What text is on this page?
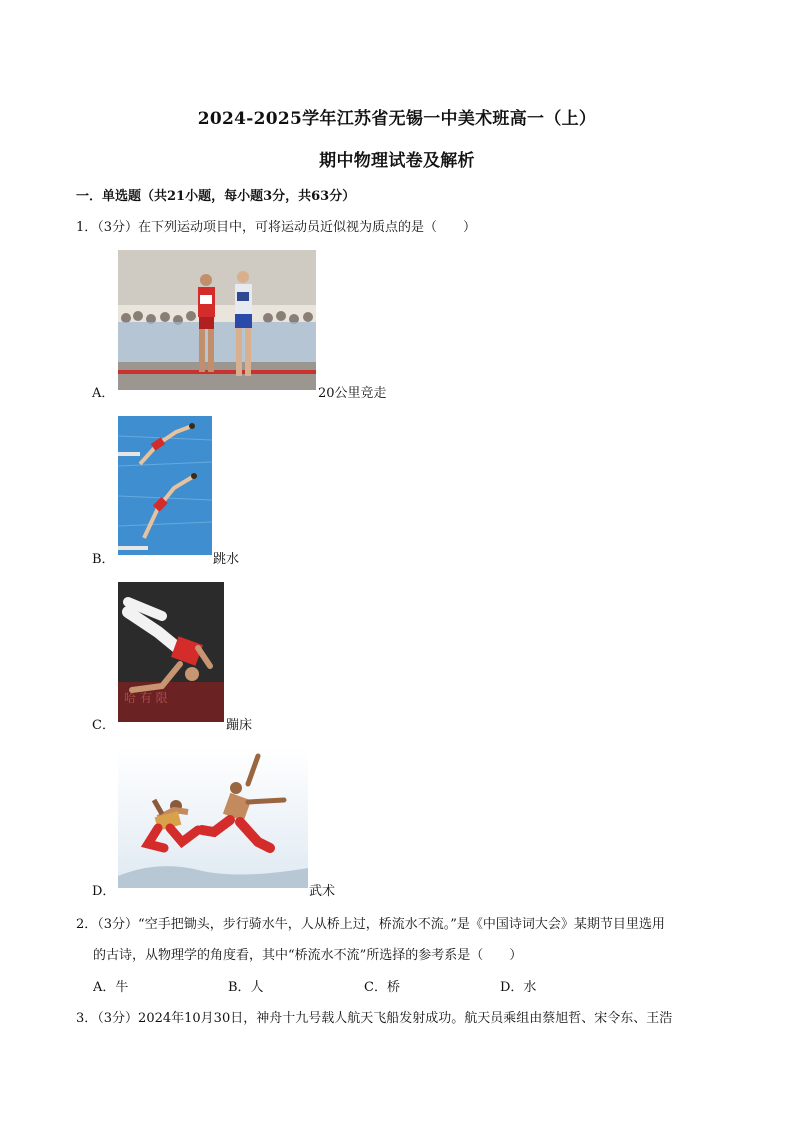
2024-2025学年江苏省无锡一中美术班高一（上）
期中物理试卷及解析
一．单选题（共21小题，每小题3分，共63分）
1．（3分）在下列运动项目中，可将运动员近似视为质点的是（　　）
A．	20公里竞走
B．	跳水
哈 有 限
C．	蹦床
D．	武术
2．（3分）“空手把锄头，步行骑水牛，人从桥上过，桥流水不流。”是《中国诗词大会》某期节目里选用
的古诗，从物理学的角度看，其中“桥流水不流”所选择的参考系是（　　）
A．牛	B．人	C．桥	D．水
3．（3分）2024年10月30日，神舟十九号载人航天飞船发射成功。航天员乘组由蔡旭哲、宋令东、王浩
